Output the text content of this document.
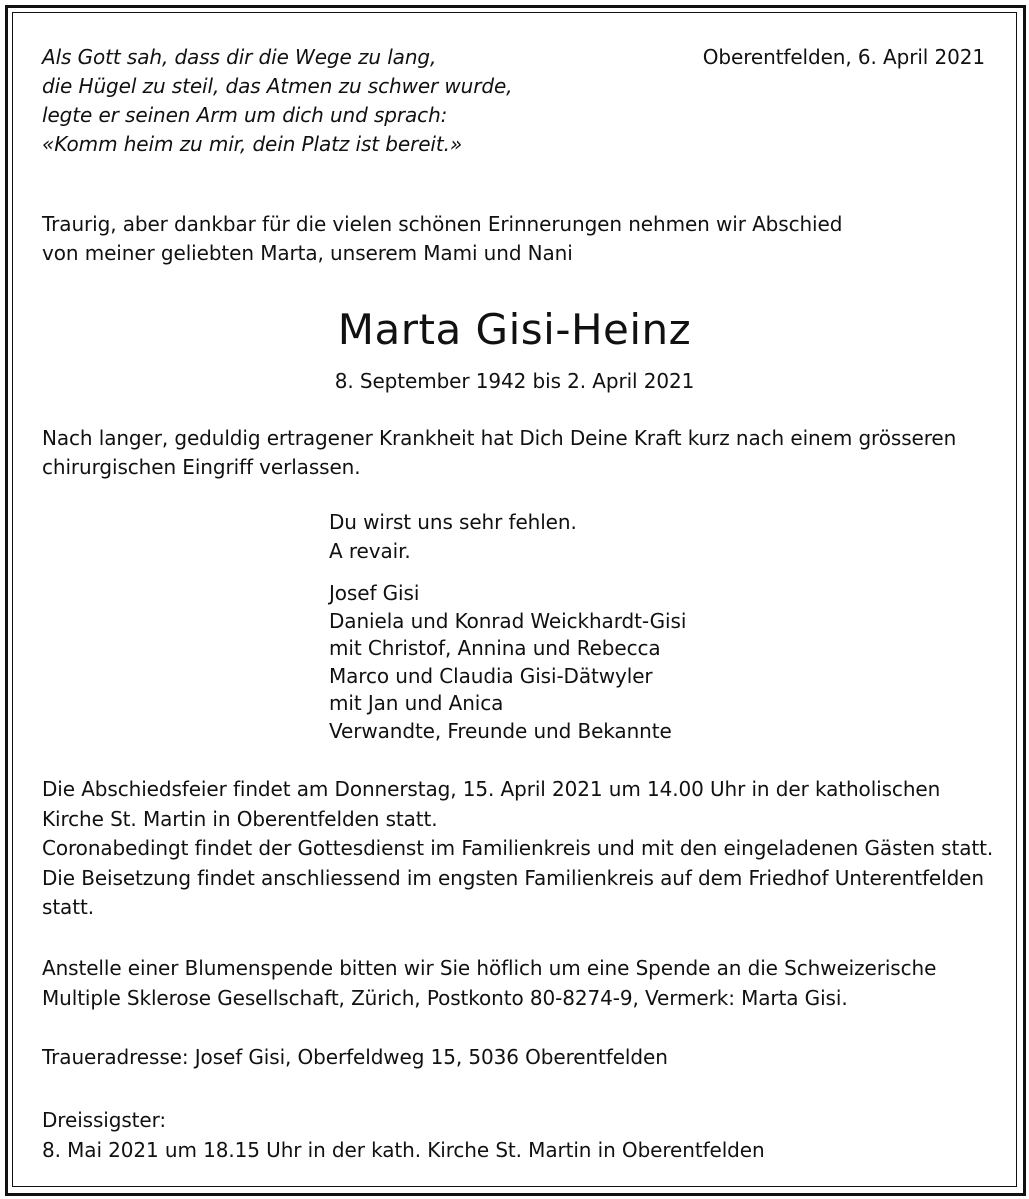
Als Gott sah, dass dir die Wege zu lang,
die Hügel zu steil, das Atmen zu schwer wurde,
legte er seinen Arm um dich und sprach:
«Komm heim zu mir, dein Platz ist bereit.»
Oberentfelden, 6. April 2021
Traurig, aber dankbar für die vielen schönen Erinnerungen nehmen wir Abschied
von meiner geliebten Marta, unserem Mami und Nani
Marta Gisi-Heinz
8. September 1942 bis 2. April 2021
Nach langer, geduldig ertragener Krankheit hat Dich Deine Kraft kurz nach einem grösseren
chirurgischen Eingriff verlassen.
Du wirst uns sehr fehlen.
A revair.
Josef Gisi
Daniela und Konrad Weickhardt-Gisi
mit Christof, Annina und Rebecca
Marco und Claudia Gisi-Dätwyler
mit Jan und Anica
Verwandte, Freunde und Bekannte
Die Abschiedsfeier findet am Donnerstag, 15. April 2021 um 14.00 Uhr in der katholischen
Kirche St. Martin in Oberentfelden statt.
Coronabedingt findet der Gottesdienst im Familienkreis und mit den eingeladenen Gästen statt.
Die Beisetzung findet anschliessend im engsten Familienkreis auf dem Friedhof Unterentfelden
statt.
Anstelle einer Blumenspende bitten wir Sie höflich um eine Spende an die Schweizerische
Multiple Sklerose Gesellschaft, Zürich, Postkonto 80-8274-9, Vermerk: Marta Gisi.
Traueradresse: Josef Gisi, Oberfeldweg 15, 5036 Oberentfelden
Dreissigster:
8. Mai 2021 um 18.15 Uhr in der kath. Kirche St. Martin in Oberentfelden
